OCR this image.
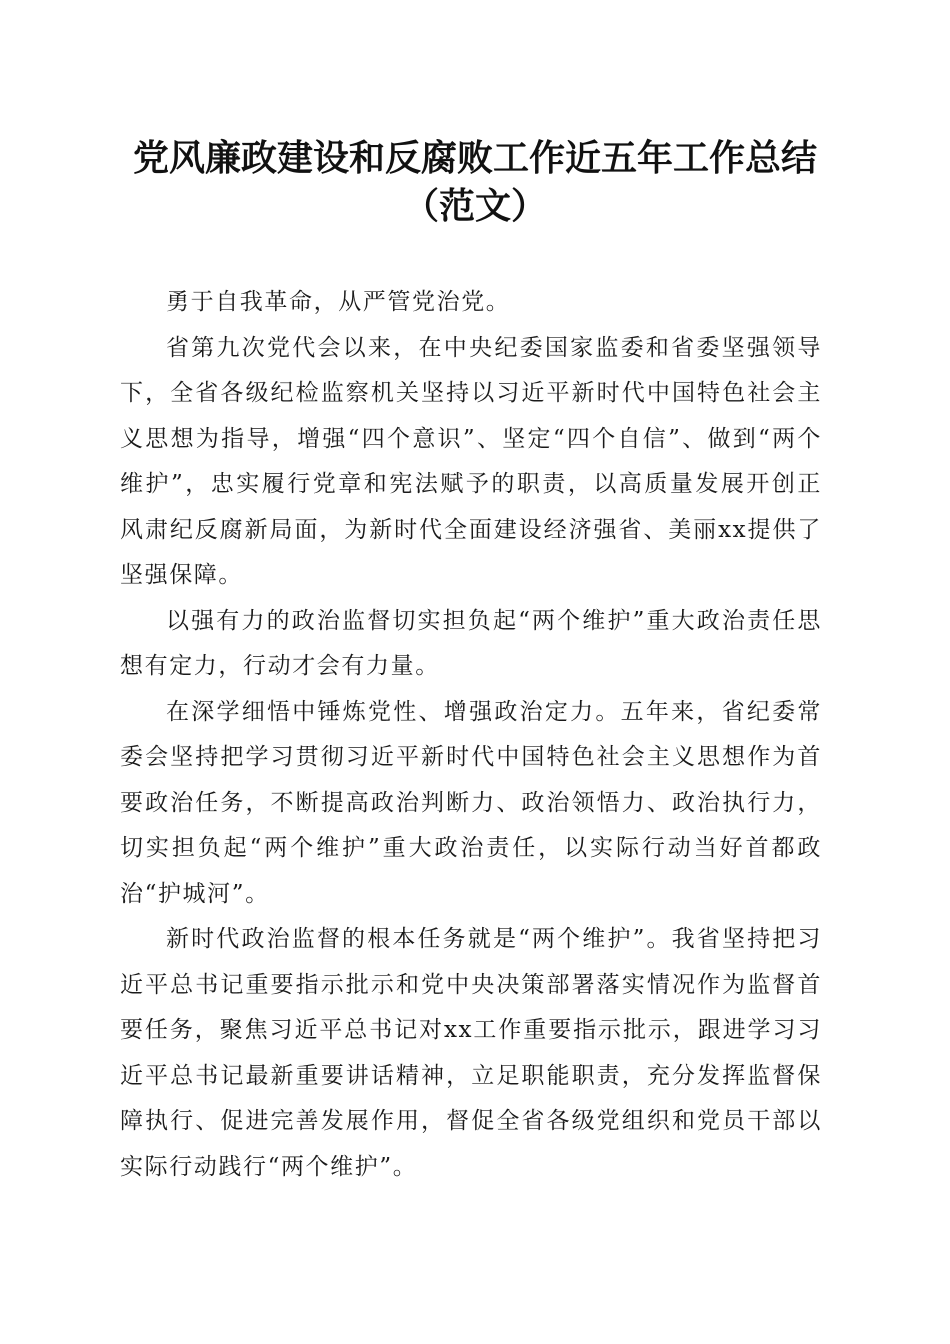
党风廉政建设和反腐败工作近五年工作总结
（范文）

勇于自我革命，从严管党治党。

省第九次党代会以来，在中央纪委国家监委和省委坚强领导下，全省各级纪检监察机关坚持以习近平新时代中国特色社会主义思想为指导，增强“四个意识”、坚定“四个自信”、做到“两个维护”，忠实履行党章和宪法赋予的职责，以高质量发展开创正风肃纪反腐新局面，为新时代全面建设经济强省、美丽xx提供了坚强保障。

以强有力的政治监督切实担负起“两个维护”重大政治责任思想有定力，行动才会有力量。

在深学细悟中锤炼党性、增强政治定力。五年来，省纪委常委会坚持把学习贯彻习近平新时代中国特色社会主义思想作为首要政治任务，不断提高政治判断力、政治领悟力、政治执行力，切实担负起“两个维护”重大政治责任，以实际行动当好首都政治“护城河”。

新时代政治监督的根本任务就是“两个维护”。我省坚持把习近平总书记重要指示批示和党中央决策部署落实情况作为监督首要任务，聚焦习近平总书记对xx工作重要指示批示，跟进学习习近平总书记最新重要讲话精神，立足职能职责，充分发挥监督保障执行、促进完善发展作用，督促全省各级党组织和党员干部以实际行动践行“两个维护”。
